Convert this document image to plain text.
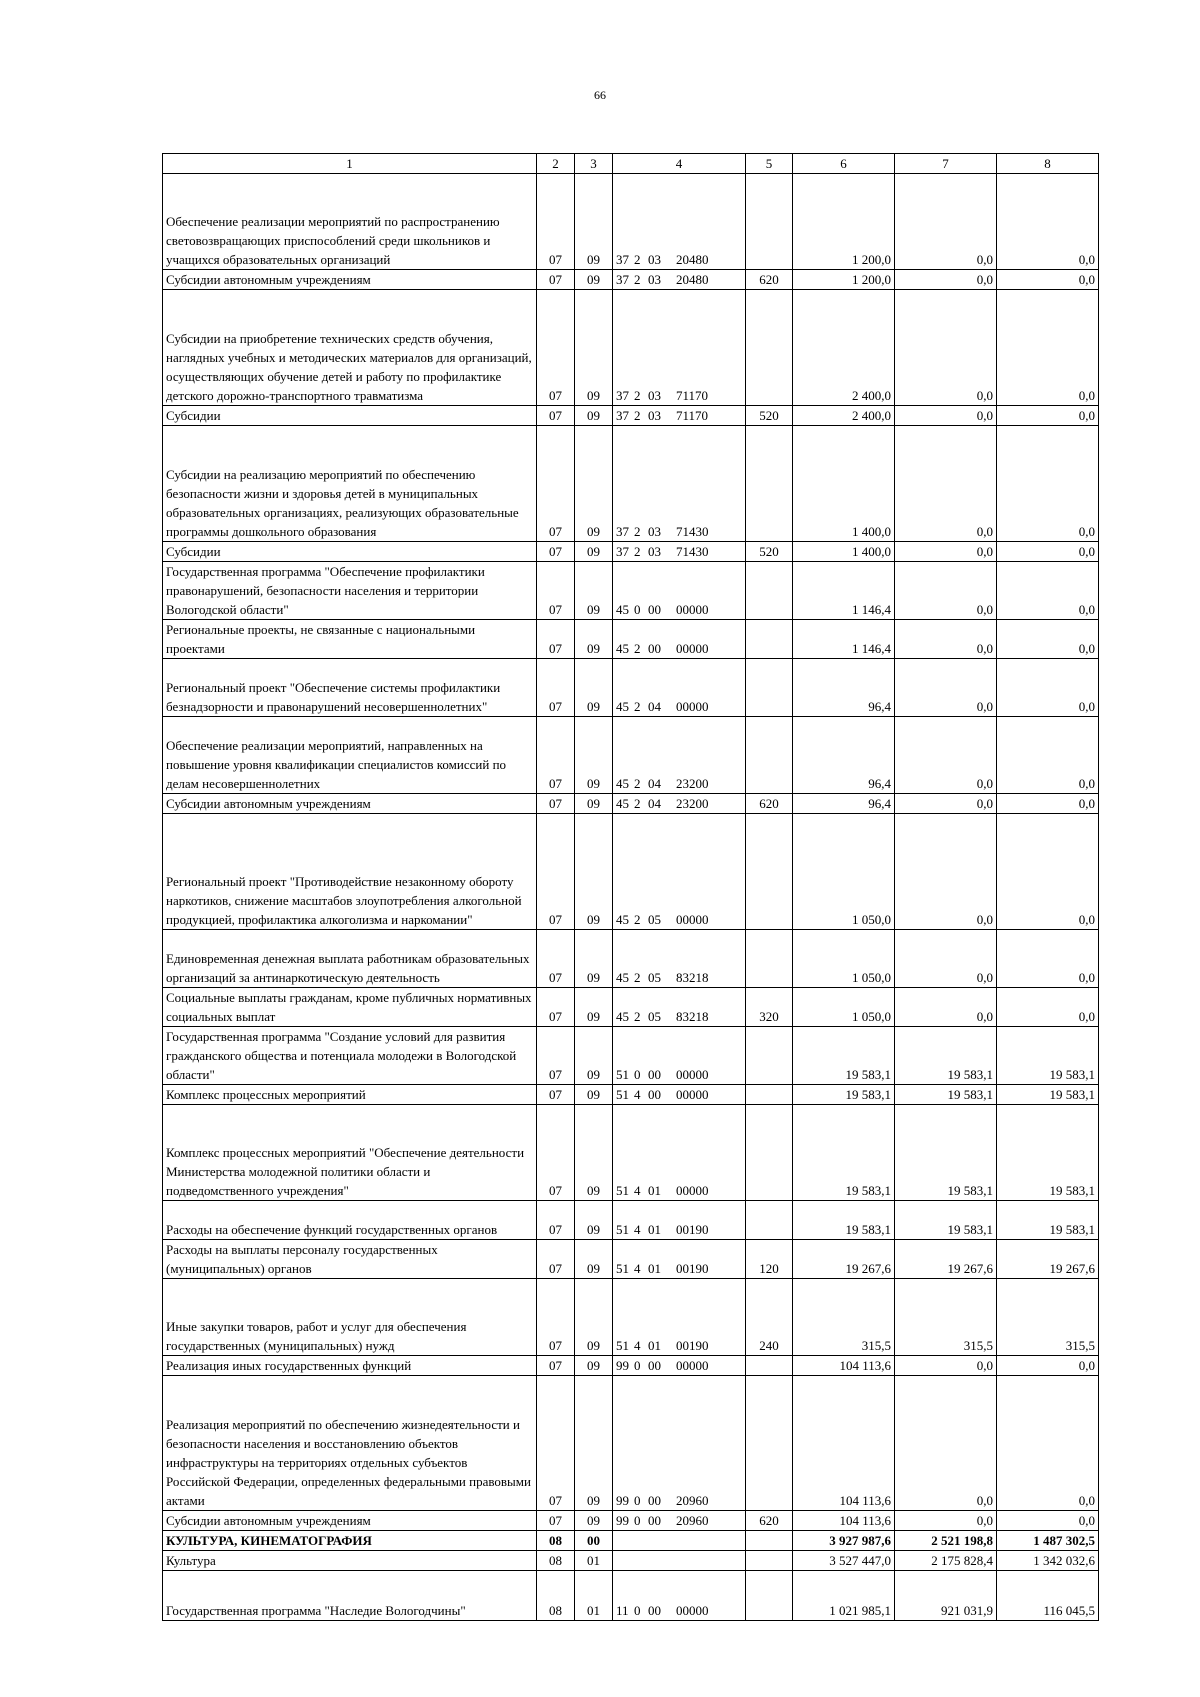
66
1	2	3	4	5	6	7	8
Обеспечение реализации мероприятий по распространению световозвращающих приспособлений среди школьников и учащихся образовательных организаций	07	09	37 2 03 20480		1 200,0	0,0	0,0
Субсидии автономным учреждениям	07	09	37 2 03 20480	620	1 200,0	0,0	0,0
Субсидии на приобретение технических средств обучения, наглядных учебных и методических материалов для организаций, осуществляющих обучение детей и работу по профилактике детского дорожно-транспортного травматизма	07	09	37 2 03 71170		2 400,0	0,0	0,0
Субсидии	07	09	37 2 03 71170	520	2 400,0	0,0	0,0
Субсидии на реализацию мероприятий по обеспечению безопасности жизни и здоровья детей в муниципальных образовательных организациях, реализующих образовательные программы дошкольного образования	07	09	37 2 03 71430		1 400,0	0,0	0,0
Субсидии	07	09	37 2 03 71430	520	1 400,0	0,0	0,0
Государственная программа "Обеспечение профилактики правонарушений, безопасности населения и территории Вологодской области"	07	09	45 0 00 00000		1 146,4	0,0	0,0
Региональные проекты, не связанные с национальными проектами	07	09	45 2 00 00000		1 146,4	0,0	0,0
Региональный проект "Обеспечение системы профилактики безнадзорности и правонарушений несовершеннолетних"	07	09	45 2 04 00000		96,4	0,0	0,0
Обеспечение реализации мероприятий, направленных на повышение уровня квалификации специалистов комиссий по делам несовершеннолетних	07	09	45 2 04 23200		96,4	0,0	0,0
Субсидии автономным учреждениям	07	09	45 2 04 23200	620	96,4	0,0	0,0
Региональный проект "Противодействие незаконному обороту наркотиков, снижение масштабов злоупотребления алкогольной продукцией, профилактика алкоголизма и наркомании"	07	09	45 2 05 00000		1 050,0	0,0	0,0
Единовременная денежная выплата работникам образовательных организаций за антинаркотическую деятельность	07	09	45 2 05 83218		1 050,0	0,0	0,0
Социальные выплаты гражданам, кроме публичных нормативных социальных выплат	07	09	45 2 05 83218	320	1 050,0	0,0	0,0
Государственная программа "Создание условий для развития гражданского общества и потенциала молодежи в Вологодской области"	07	09	51 0 00 00000		19 583,1	19 583,1	19 583,1
Комплекс процессных мероприятий	07	09	51 4 00 00000		19 583,1	19 583,1	19 583,1
Комплекс процессных мероприятий "Обеспечение деятельности Министерства молодежной политики области и подведомственного учреждения"	07	09	51 4 01 00000		19 583,1	19 583,1	19 583,1
Расходы на обеспечение функций государственных органов	07	09	51 4 01 00190		19 583,1	19 583,1	19 583,1
Расходы на выплаты персоналу государственных (муниципальных) органов	07	09	51 4 01 00190	120	19 267,6	19 267,6	19 267,6
Иные закупки товаров, работ и услуг для обеспечения государственных (муниципальных) нужд	07	09	51 4 01 00190	240	315,5	315,5	315,5
Реализация иных государственных функций	07	09	99 0 00 00000		104 113,6	0,0	0,0
Реализация мероприятий по обеспечению жизнедеятельности и безопасности населения и восстановлению объектов инфраструктуры на территориях отдельных субъектов Российской Федерации, определенных федеральными правовыми актами	07	09	99 0 00 20960		104 113,6	0,0	0,0
Субсидии автономным учреждениям	07	09	99 0 00 20960	620	104 113,6	0,0	0,0
КУЛЬТУРА, КИНЕМАТОГРАФИЯ	08	00			3 927 987,6	2 521 198,8	1 487 302,5
Культура	08	01			3 527 447,0	2 175 828,4	1 342 032,6
Государственная программа "Наследие Вологодчины"	08	01	11 0 00 00000		1 021 985,1	921 031,9	116 045,5
